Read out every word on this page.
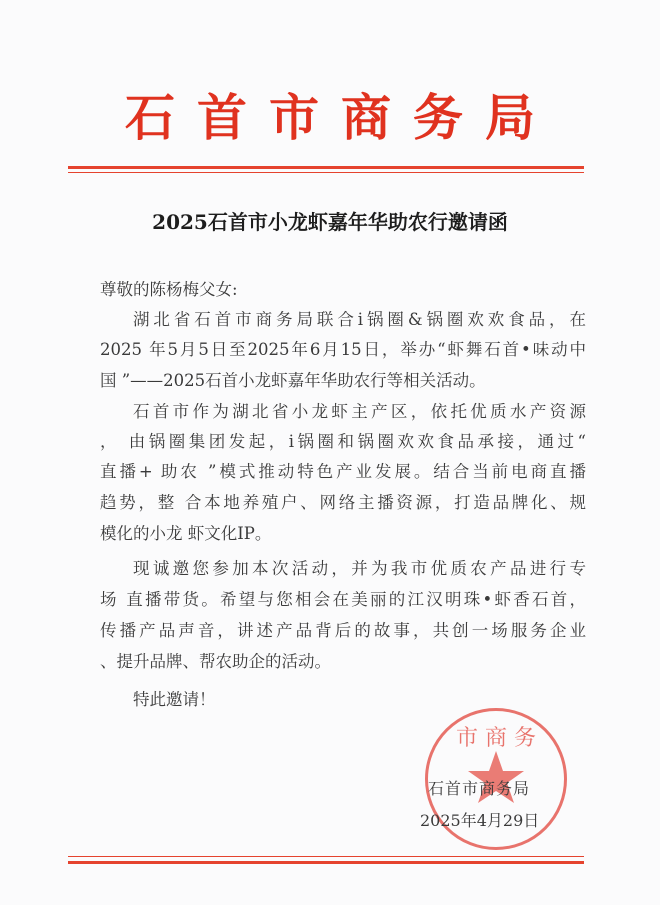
石首市商务局
2025石首市小龙虾嘉年华助农行邀请函
尊敬的陈杨梅父女:
湖北省石首市商务局联合i锅圈&锅圈欢欢食品，在
2025 年5月5日至2025年6月15日，举办“虾舞石首•味动中
国 ”——2025石首小龙虾嘉年华助农行等相关活动。
石首市作为湖北省小龙虾主产区，依托优质水产资源
， 由锅圈集团发起，i锅圈和锅圈欢欢食品承接，通过“
直播+ 助农 ”模式推动特色产业发展。结合当前电商直播
趋势，整 合本地养殖户、网络主播资源，打造品牌化、规
模化的小龙 虾文化IP。
现诚邀您参加本次活动，并为我市优质农产品进行专
场 直播带货。希望与您相会在美丽的江汉明珠•虾香石首，
传播产品声音，讲述产品背后的故事，共创一场服务企业
、提升品牌、帮农助企的活动。
特此邀请！
市 商 务
石首市商务局
2025年4月29日
